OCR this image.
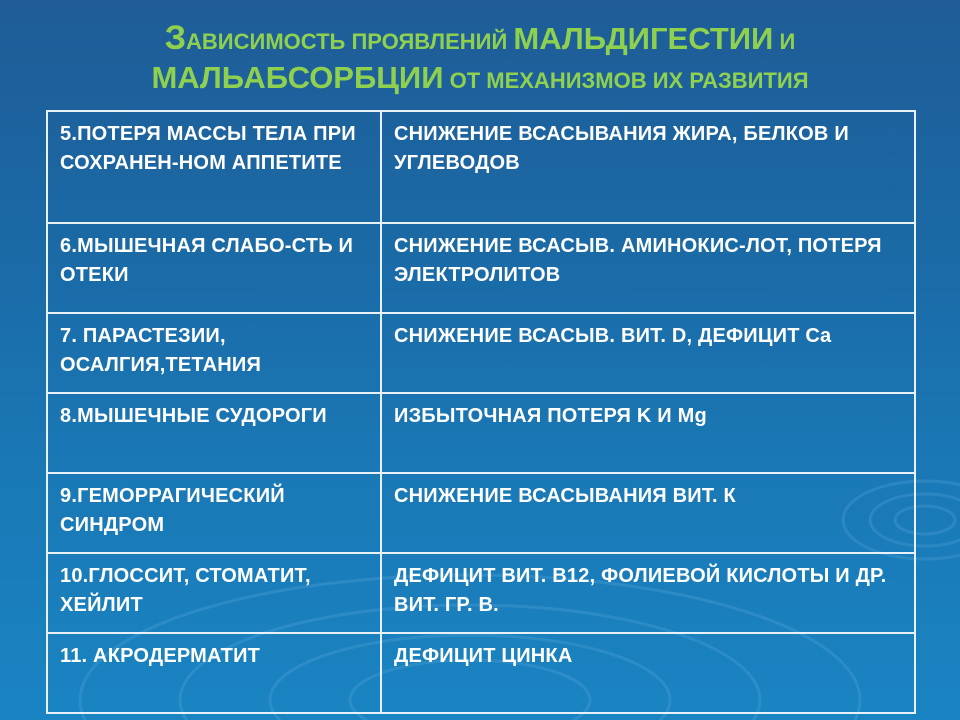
ЗАВИСИМОСТЬ ПРОЯВЛЕНИЙ МАЛЬДИГЕСТИИ И
МАЛЬАБСОРБЦИИ ОТ МЕХАНИЗМОВ ИХ РАЗВИТИЯ
5.ПОТЕРЯ МАССЫ ТЕЛА ПРИ СОХРАНЕН-НОМ АППЕТИТЕ	СНИЖЕНИЕ ВСАСЫВАНИЯ ЖИРА, БЕЛКОВ И УГЛЕВОДОВ
6.МЫШЕЧНАЯ СЛАБО-СТЬ И ОТЕКИ	СНИЖЕНИЕ ВСАСЫВ. АМИНОКИС-ЛОТ, ПОТЕРЯ ЭЛЕКТРОЛИТОВ
7. ПАРАСТЕЗИИ, ОСАЛГИЯ,ТЕТАНИЯ	СНИЖЕНИЕ ВСАСЫВ. ВИТ. D, ДЕФИЦИТ Ca
8.МЫШЕЧНЫЕ СУДОРОГИ	ИЗБЫТОЧНАЯ ПОТЕРЯ K И Mg
9.ГЕМОРРАГИЧЕСКИЙ СИНДРОМ	СНИЖЕНИЕ ВСАСЫВАНИЯ ВИТ. К
10.ГЛОССИТ, СТОМАТИТ, ХЕЙЛИТ	ДЕФИЦИТ ВИТ. В12, ФОЛИЕВОЙ КИСЛОТЫ И ДР. ВИТ. ГР. В.
11. АКРОДЕРМАТИТ	ДЕФИЦИТ ЦИНКА
